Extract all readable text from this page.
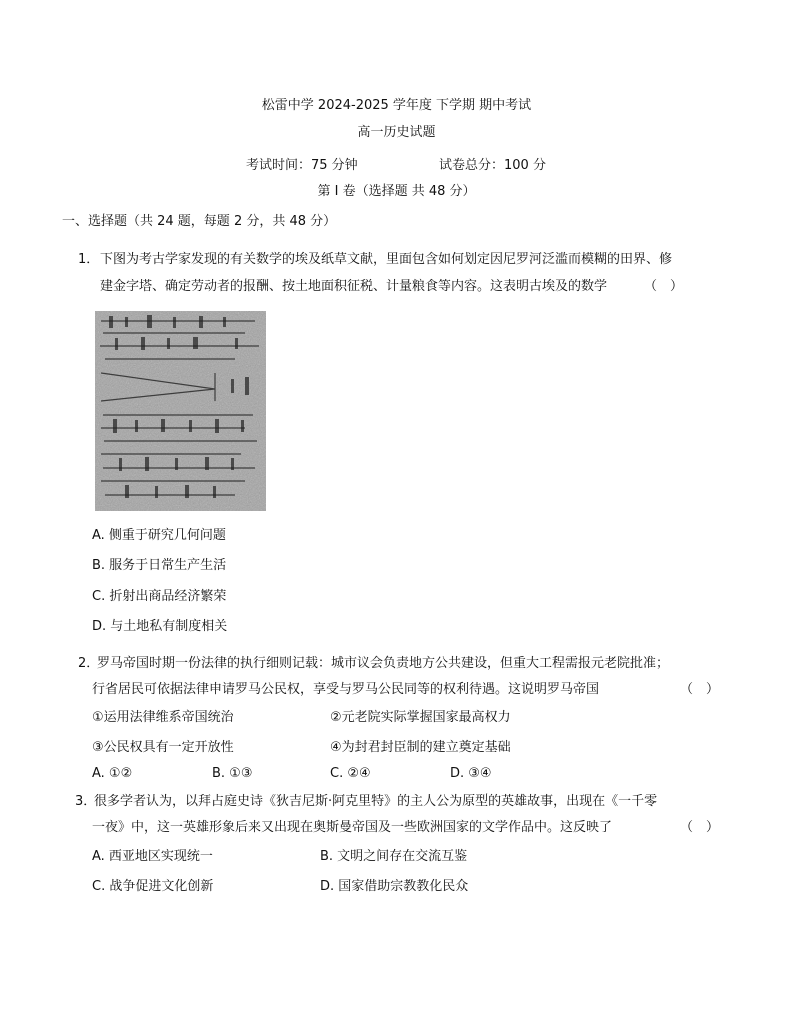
松雷中学 2024-2025 学年度 下学期 期中考试
高一历史试题
考试时间：75 分钟	试卷总分：100 分
第 Ⅰ 卷（选择题 共 48 分）
一、选择题（共 24 题，每题 2 分，共 48 分）
1． 下图为考古学家发现的有关数学的埃及纸草文献，里面包含如何划定因尼罗河泛滥而模糊的田界、修
建金字塔、确定劳动者的报酬、按土地面积征税、计量粮食等内容。这表明古埃及的数学	（　）
A. 侧重于研究几何问题
B. 服务于日常生产生活
C. 折射出商品经济繁荣
D. 与土地私有制度相关
2．
罗马帝国时期一份法律的执行细则记载：城市议会负责地方公共建设，但重大工程需报元老院批准；
行省居民可依据法律申请罗马公民权，享受与罗马公民同等的权利待遇。这说明罗马帝国	（　）
①运用法律维系帝国统治	②元老院实际掌握国家最高权力
③公民权具有一定开放性	④为封君封臣制的建立奠定基础
A. ①②	B. ①③	C. ②④	D. ③④
3．
很多学者认为，以拜占庭史诗《狄吉尼斯·阿克里特》的主人公为原型的英雄故事，出现在《一千零
一夜》中，这一英雄形象后来又出现在奥斯曼帝国及一些欧洲国家的文学作品中。这反映了	（　）
A. 西亚地区实现统一	B. 文明之间存在交流互鉴
C. 战争促进文化创新	D. 国家借助宗教教化民众
